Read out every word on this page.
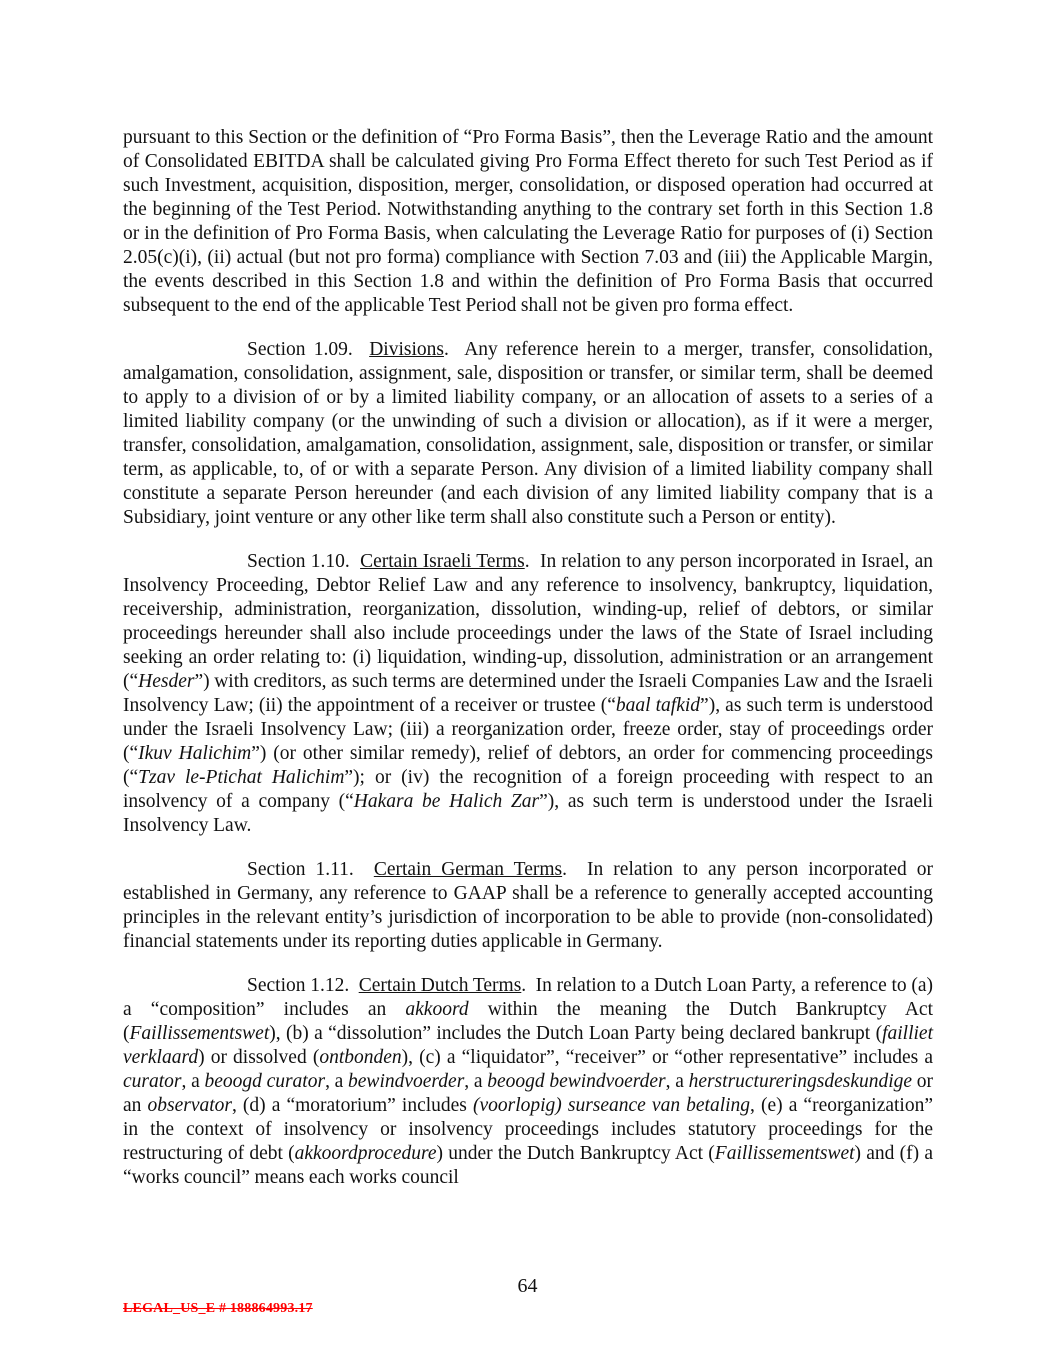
pursuant to this Section or the definition of “Pro Forma Basis”, then the Leverage Ratio and the amount of Consolidated EBITDA shall be calculated giving Pro Forma Effect thereto for such Test Period as if such Investment, acquisition, disposition, merger, consolidation, or disposed operation had occurred at the beginning of the Test Period. Notwithstanding anything to the contrary set forth in this Section 1.8 or in the definition of Pro Forma Basis, when calculating the Leverage Ratio for purposes of (i) Section 2.05(c)(i), (ii) actual (but not pro forma) compliance with Section 7.03 and (iii) the Applicable Margin, the events described in this Section 1.8 and within the definition of Pro Forma Basis that occurred subsequent to the end of the applicable Test Period shall not be given pro forma effect.

Section 1.09.  Divisions.  Any reference herein to a merger, transfer, consolidation, amalgamation, consolidation, assignment, sale, disposition or transfer, or similar term, shall be deemed to apply to a division of or by a limited liability company, or an allocation of assets to a series of a limited liability company (or the unwinding of such a division or allocation), as if it were a merger, transfer, consolidation, amalgamation, consolidation, assignment, sale, disposition or transfer, or similar term, as applicable, to, of or with a separate Person. Any division of a limited liability company shall constitute a separate Person hereunder (and each division of any limited liability company that is a Subsidiary, joint venture or any other like term shall also constitute such a Person or entity).

Section 1.10.  Certain Israeli Terms.  In relation to any person incorporated in Israel, an Insolvency Proceeding, Debtor Relief Law and any reference to insolvency, bankruptcy, liquidation, receivership, administration, reorganization, dissolution, winding-up, relief of debtors, or similar proceedings hereunder shall also include proceedings under the laws of the State of Israel including seeking an order relating to: (i) liquidation, winding-up, dissolution, administration or an arrangement (“Hesder”) with creditors, as such terms are determined under the Israeli Companies Law and the Israeli Insolvency Law; (ii) the appointment of a receiver or trustee (“baal tafkid”), as such term is understood under the Israeli Insolvency Law; (iii) a reorganization order, freeze order, stay of proceedings order (“Ikuv Halichim”) (or other similar remedy), relief of debtors, an order for commencing proceedings (“Tzav le-Ptichat Halichim”); or (iv) the recognition of a foreign proceeding with respect to an insolvency of a company (“Hakara be Halich Zar”), as such term is understood under the Israeli Insolvency Law.

Section 1.11.  Certain German Terms.  In relation to any person incorporated or established in Germany, any reference to GAAP shall be a reference to generally accepted accounting principles in the relevant entity’s jurisdiction of incorporation to be able to provide (non-consolidated) financial statements under its reporting duties applicable in Germany.

Section 1.12.  Certain Dutch Terms.  In relation to a Dutch Loan Party, a reference to (a) a “composition” includes an akkoord within the meaning the Dutch Bankruptcy Act (Faillissementswet), (b) a “dissolution” includes the Dutch Loan Party being declared bankrupt (failliet verklaard) or dissolved (ontbonden), (c) a “liquidator”, “receiver” or “other representative” includes a curator, a beoogd curator, a bewindvoerder, a beoogd bewindvoerder, a herstructureringsdeskundige or an observator, (d) a “moratorium” includes (voorlopig) surseance van betaling, (e) a “reorganization” in the context of insolvency or insolvency proceedings includes statutory proceedings for the restructuring of debt (akkoordprocedure) under the Dutch Bankruptcy Act (Faillissementswet) and (f) a “works council” means each works council

64
LEGAL_US_E # 188864993.17
